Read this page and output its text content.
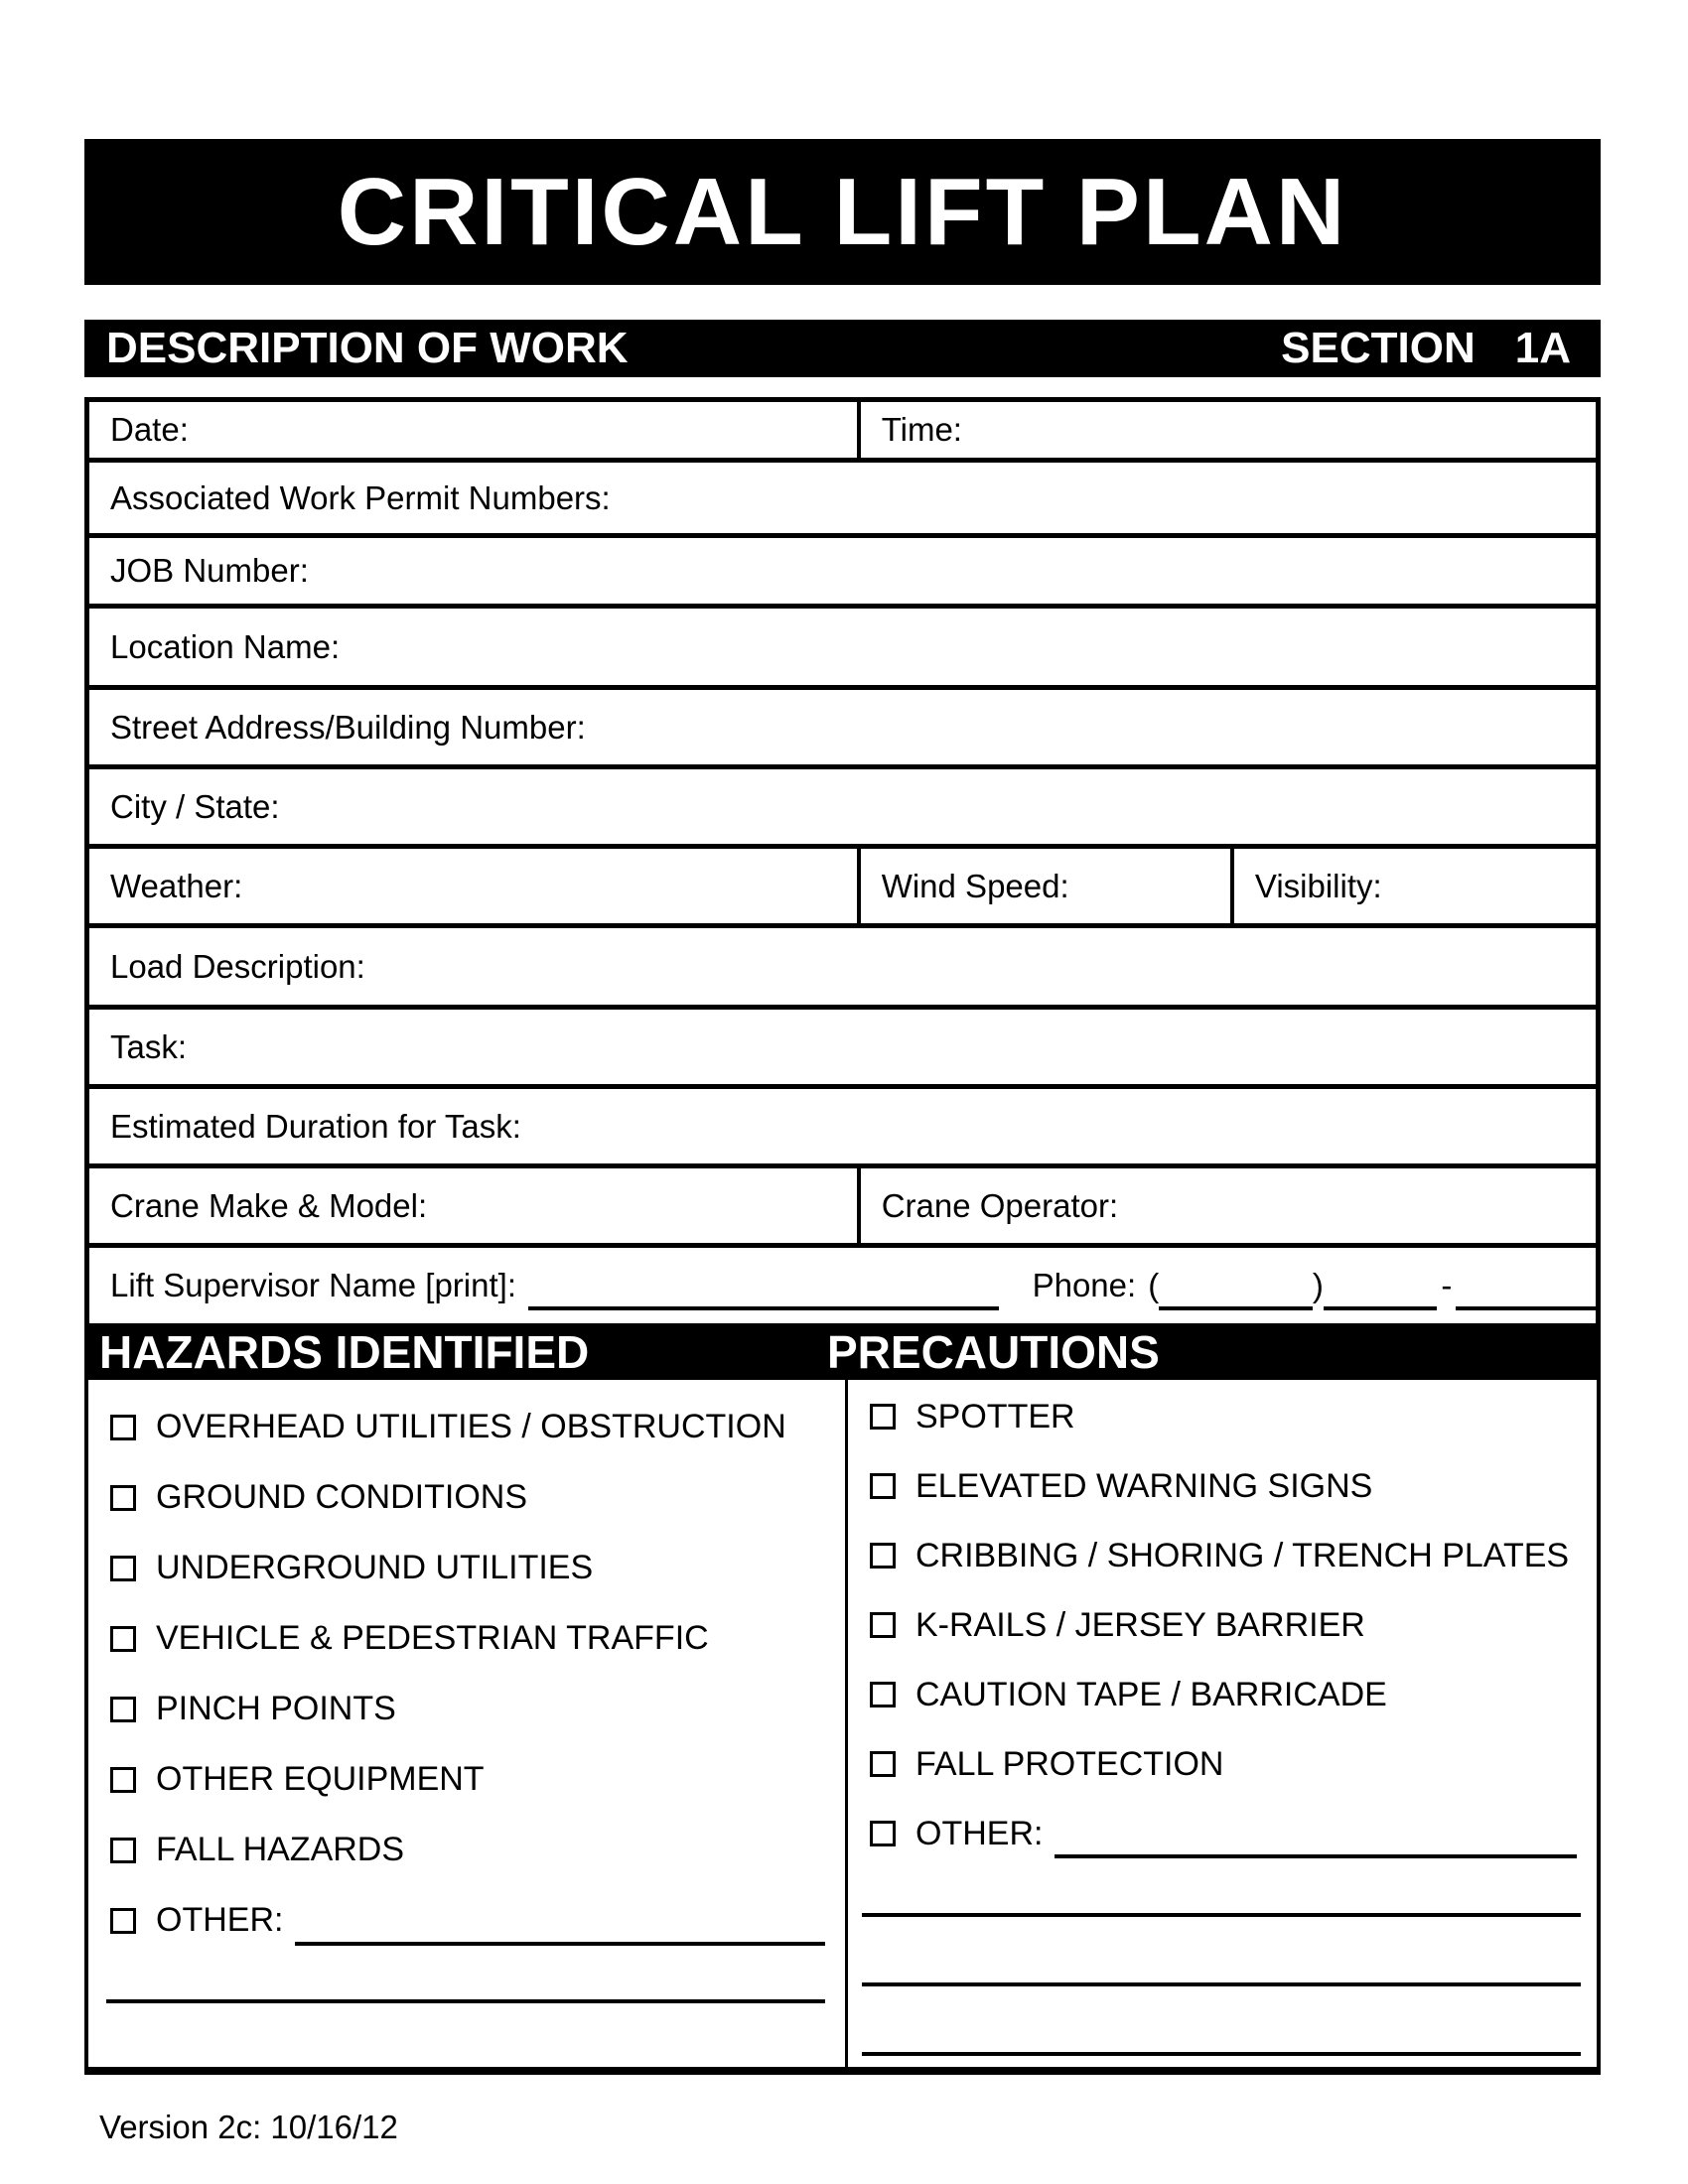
CRITICAL LIFT PLAN
DESCRIPTION OF WORK	SECTION 1A
Date:	Time:
Associated Work Permit Numbers:
JOB Number:
Location Name:
Street Address/Building Number:
City / State:
Weather:	Wind Speed:	Visibility:
Load Description:
Task:
Estimated Duration for Task:
Crane Make & Model:	Crane Operator:
Lift Supervisor Name [print]:	Phone: (	)	-
HAZARDS IDENTIFIED	PRECAUTIONS
OVERHEAD UTILITIES / OBSTRUCTION
GROUND CONDITIONS
UNDERGROUND UTILITIES
VEHICLE & PEDESTRIAN TRAFFIC
PINCH POINTS
OTHER EQUIPMENT
FALL HAZARDS
OTHER:
SPOTTER
ELEVATED WARNING SIGNS
CRIBBING / SHORING / TRENCH PLATES
K-RAILS / JERSEY BARRIER
CAUTION TAPE / BARRICADE
FALL PROTECTION
OTHER:
Version 2c: 10/16/12
